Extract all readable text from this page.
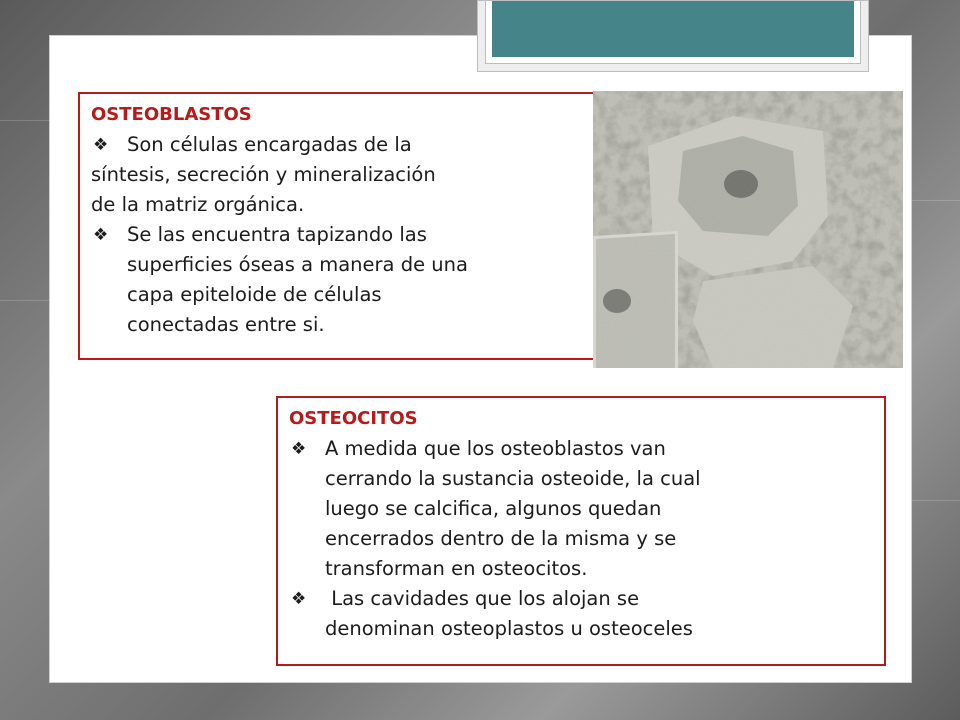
OSTEOBLASTOS
❖ Son células encargadas de la
síntesis, secreción y mineralización
de la matriz orgánica.
❖ Se las encuentra tapizando las
superficies óseas a manera de una
capa epiteloide de células
conectadas entre si.
OSTEOCITOS
❖ A medida que los osteoblastos van
cerrando la sustancia osteoide, la cual
luego se calcifica, algunos quedan
encerrados dentro de la misma y se
transforman en osteocitos.
❖ Las cavidades que los alojan se
denominan osteoplastos u osteoceles
